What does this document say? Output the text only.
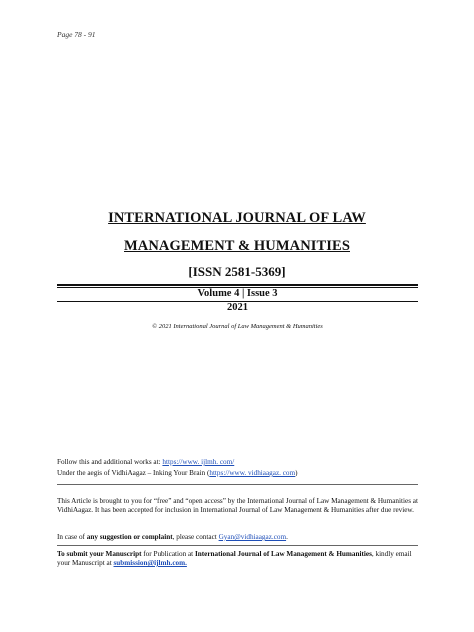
Page 78 - 91
INTERNATIONAL JOURNAL OF LAW
MANAGEMENT & HUMANITIES
[ISSN 2581-5369]
Volume 4 | Issue 3
2021
© 2021 International Journal of Law Management & Humanities
Follow this and additional works at: https://www. ijlmh. com/
Under the aegis of VidhiAagaz – Inking Your Brain (https://www. vidhiaagaz. com)
This Article is brought to you for “free” and “open access” by the International Journal of Law Management & Humanities at VidhiAagaz. It has been accepted for inclusion in International Journal of Law Management & Humanities after due review.
In case of any suggestion or complaint, please contact Gyan@vidhiaagaz.com.
To submit your Manuscript for Publication at International Journal of Law Management & Humanities, kindly email your Manuscript at submission@ijlmh.com.
